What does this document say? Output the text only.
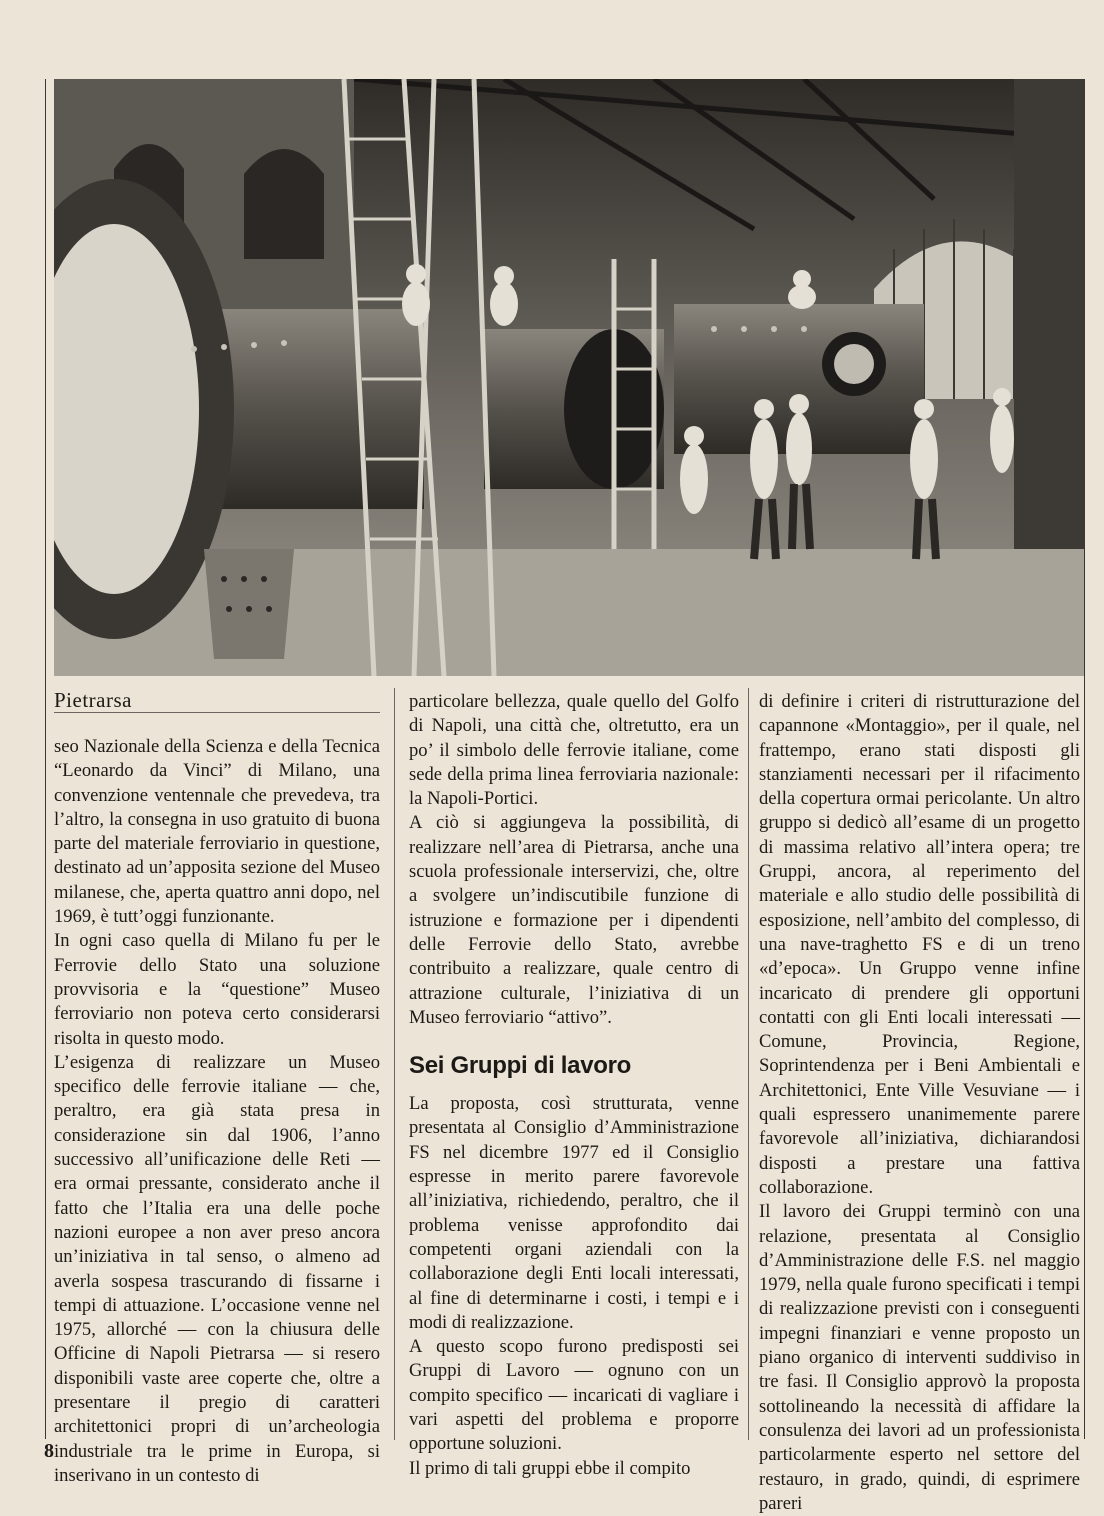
Pietrarsa

seo Nazionale della Scienza e della Tecnica “Leonardo da Vinci” di Milano, una convenzione ventennale che prevedeva, tra l’altro, la consegna in uso gratuito di buona parte del materiale ferroviario in questione, destinato ad un’apposita sezione del Museo milanese, che, aperta quattro anni dopo, nel 1969, è tutt’oggi funzionante.

In ogni caso quella di Milano fu per le Ferrovie dello Stato una soluzione provvisoria e la “questione” Museo ferroviario non poteva certo considerarsi risolta in questo modo.

L’esigenza di realizzare un Museo specifico delle ferrovie italiane — che, peraltro, era già stata presa in considerazione sin dal 1906, l’anno successivo all’unificazione delle Reti — era ormai pressante, considerato anche il fatto che l’Italia era una delle poche nazioni europee a non aver preso ancora un’iniziativa in tal senso, o almeno ad averla sospesa trascurando di fissarne i tempi di attuazione. L’occasione venne nel 1975, allorché — con la chiusura delle Officine di Napoli Pietrarsa — si resero disponibili vaste aree coperte che, oltre a presentare il pregio di caratteri architettonici propri di un’archeologia industriale tra le prime in Europa, si inserivano in un contesto di

particolare bellezza, quale quello del Golfo di Napoli, una città che, oltretutto, era un po’ il simbolo delle ferrovie italiane, come sede della prima linea ferroviaria nazionale: la Napoli-Portici.

A ciò si aggiungeva la possibilità, di realizzare nell’area di Pietrarsa, anche una scuola professionale interservizi, che, oltre a svolgere un’indiscutibile funzione di istruzione e formazione per i dipendenti delle Ferrovie dello Stato, avrebbe contribuito a realizzare, quale centro di attrazione culturale, l’iniziativa di un Museo ferroviario “attivo”.

Sei Gruppi di lavoro

La proposta, così strutturata, venne presentata al Consiglio d’Amministrazione FS nel dicembre 1977 ed il Consiglio espresse in merito parere favorevole all’iniziativa, richiedendo, peraltro, che il problema venisse approfondito dai competenti organi aziendali con la collaborazione degli Enti locali interessati, al fine di determinarne i costi, i tempi e i modi di realizzazione.

A questo scopo furono predisposti sei Gruppi di Lavoro — ognuno con un compito specifico — incaricati di vagliare i vari aspetti del problema e proporre opportune soluzioni.

Il primo di tali gruppi ebbe il compito

di definire i criteri di ristrutturazione del capannone «Montaggio», per il quale, nel frattempo, erano stati disposti gli stanziamenti necessari per il rifacimento della copertura ormai pericolante. Un altro gruppo si dedicò all’esame di un progetto di massima relativo all’intera opera; tre Gruppi, ancora, al reperimento del materiale e allo studio delle possibilità di esposizione, nell’ambito del complesso, di una nave-traghetto FS e di un treno «d’epoca». Un Gruppo venne infine incaricato di prendere gli opportuni contatti con gli Enti locali interessati — Comune, Provincia, Regione, Soprintendenza per i Beni Ambientali e Architettonici, Ente Ville Vesuviane — i quali espressero unanimemente parere favorevole all’iniziativa, dichiarandosi disposti a prestare una fattiva collaborazione.

Il lavoro dei Gruppi terminò con una relazione, presentata al Consiglio d’Amministrazione delle F.S. nel maggio 1979, nella quale furono specificati i tempi di realizzazione previsti con i conseguenti impegni finanziari e venne proposto un piano organico di interventi suddiviso in tre fasi. Il Consiglio approvò la proposta sottolineando la necessità di affidare la consulenza dei lavori ad un professionista particolarmente esperto nel settore del restauro, in grado, quindi, di esprimere pareri

8
